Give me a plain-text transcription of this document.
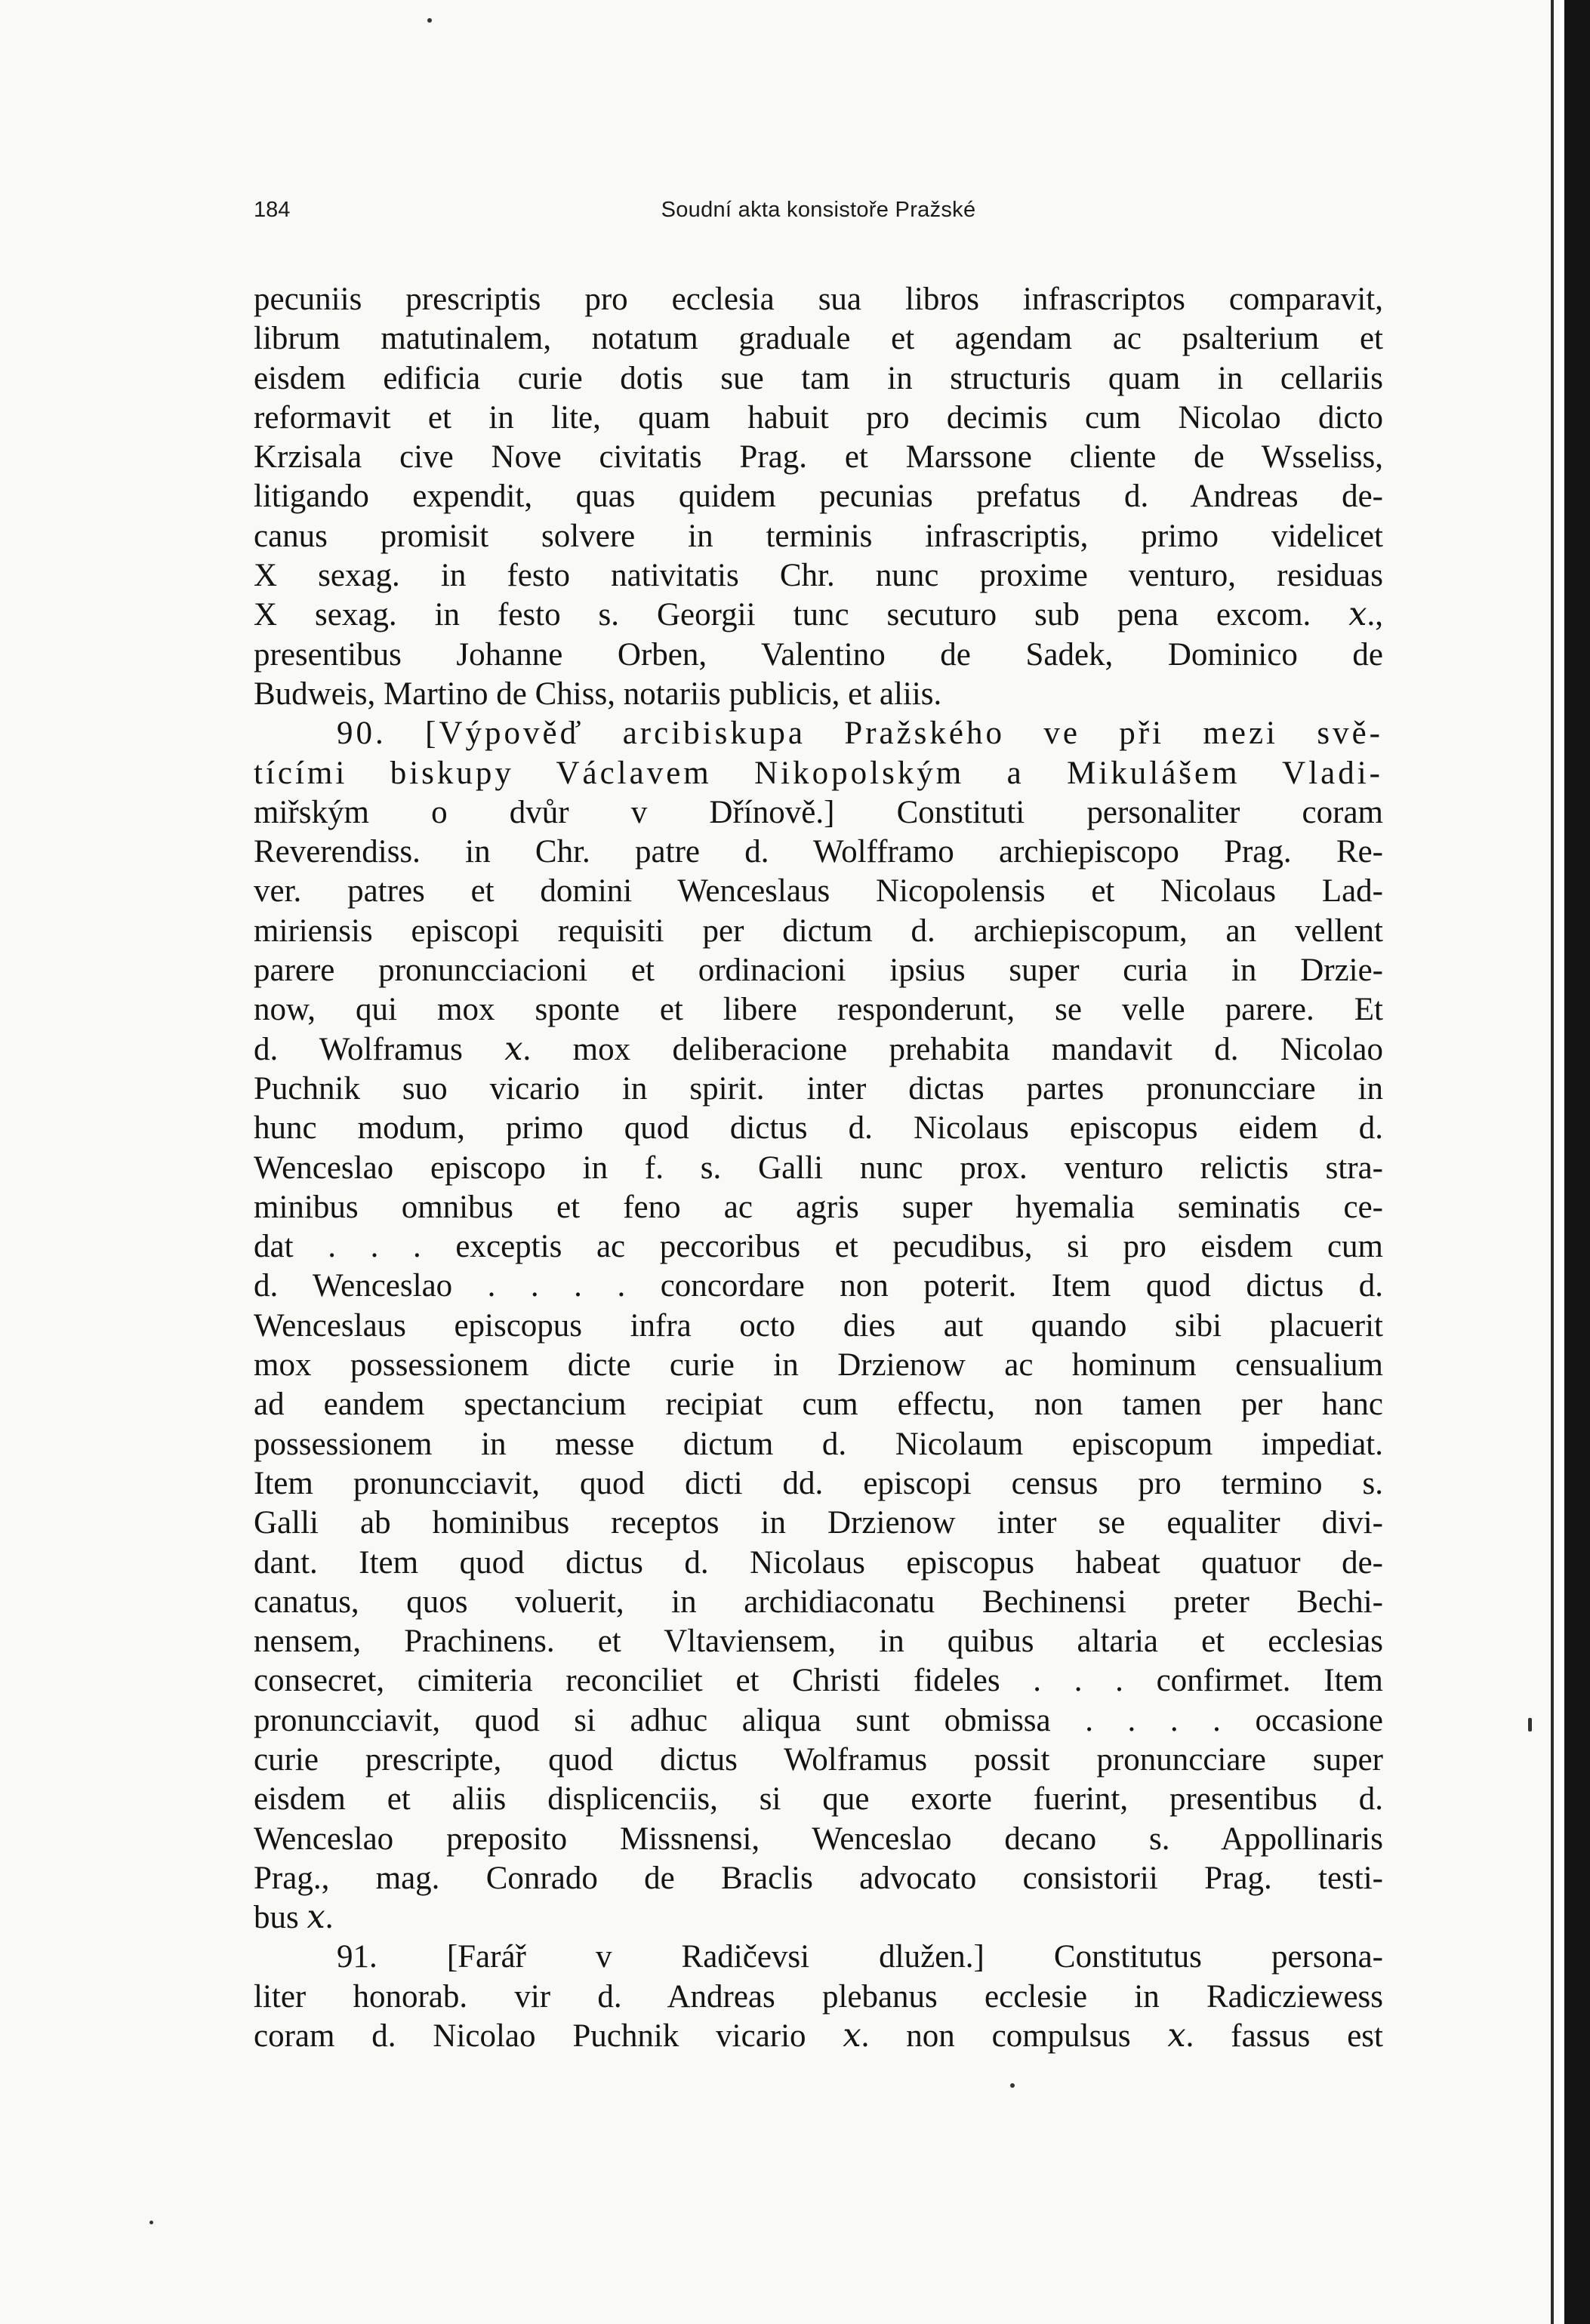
184	Soudní akta konsistoře Pražské
pecuniis prescriptis pro ecclesia sua libros infrascriptos comparavit,
librum matutinalem, notatum graduale et agendam ac psalterium et
eisdem edificia curie dotis sue tam in structuris quam in cellariis
reformavit et in lite, quam habuit pro decimis cum Nicolao dicto
Krzisala cive Nove civitatis Prag. et Marssone cliente de Wsseliss,
litigando expendit, quas quidem pecunias prefatus d. Andreas de-
canus promisit solvere in terminis infrascriptis, primo videlicet
X sexag. in festo nativitatis Chr. nunc proxime venturo, residuas
X sexag. in festo s. Georgii tunc secuturo sub pena excom. 𝑥.,
presentibus Johanne Orben, Valentino de Sadek, Dominico de
Budweis, Martino de Chiss, notariis publicis, et aliis.
90. [Výpověď arcibiskupa Pražského ve při mezi svě-
tícími biskupy Václavem Nikopolským a Mikulášem Vladi-
miřským o dvůr v Dřínově.] Constituti personaliter coram
Reverendiss. in Chr. patre d. Wolfframo archiepiscopo Prag. Re-
ver. patres et domini Wenceslaus Nicopolensis et Nicolaus Lad-
miriensis episcopi requisiti per dictum d. archiepiscopum, an vellent
parere pronuncciacioni et ordinacioni ipsius super curia in Drzie-
now, qui mox sponte et libere responderunt, se velle parere. Et
d. Wolframus 𝑥. mox deliberacione prehabita mandavit d. Nicolao
Puchnik suo vicario in spirit. inter dictas partes pronuncciare in
hunc modum, primo quod dictus d. Nicolaus episcopus eidem d.
Wenceslao episcopo in f. s. Galli nunc prox. venturo relictis stra-
minibus omnibus et feno ac agris super hyemalia seminatis ce-
dat . . . exceptis ac peccoribus et pecudibus, si pro eisdem cum
d. Wenceslao . . . . concordare non poterit. Item quod dictus d.
Wenceslaus episcopus infra octo dies aut quando sibi placuerit
mox possessionem dicte curie in Drzienow ac hominum censualium
ad eandem spectancium recipiat cum effectu, non tamen per hanc
possessionem in messe dictum d. Nicolaum episcopum impediat.
Item pronuncciavit, quod dicti dd. episcopi census pro termino s.
Galli ab hominibus receptos in Drzienow inter se equaliter divi-
dant. Item quod dictus d. Nicolaus episcopus habeat quatuor de-
canatus, quos voluerit, in archidiaconatu Bechinensi preter Bechi-
nensem, Prachinens. et Vltaviensem, in quibus altaria et ecclesias
consecret, cimiteria reconciliet et Christi fideles . . . confirmet. Item
pronuncciavit, quod si adhuc aliqua sunt obmissa . . . . occasione
curie prescripte, quod dictus Wolframus possit pronuncciare super
eisdem et aliis displicenciis, si que exorte fuerint, presentibus d.
Wenceslao preposito Missnensi, Wenceslao decano s. Appollinaris
Prag., mag. Conrado de Braclis advocato consistorii Prag. testi-
bus 𝑥.
91. [Farář v Radičevsi dlužen.] Constitutus persona-
liter honorab. vir d. Andreas plebanus ecclesie in Radicziewess
coram d. Nicolao Puchnik vicario 𝑥. non compulsus 𝑥. fassus est
